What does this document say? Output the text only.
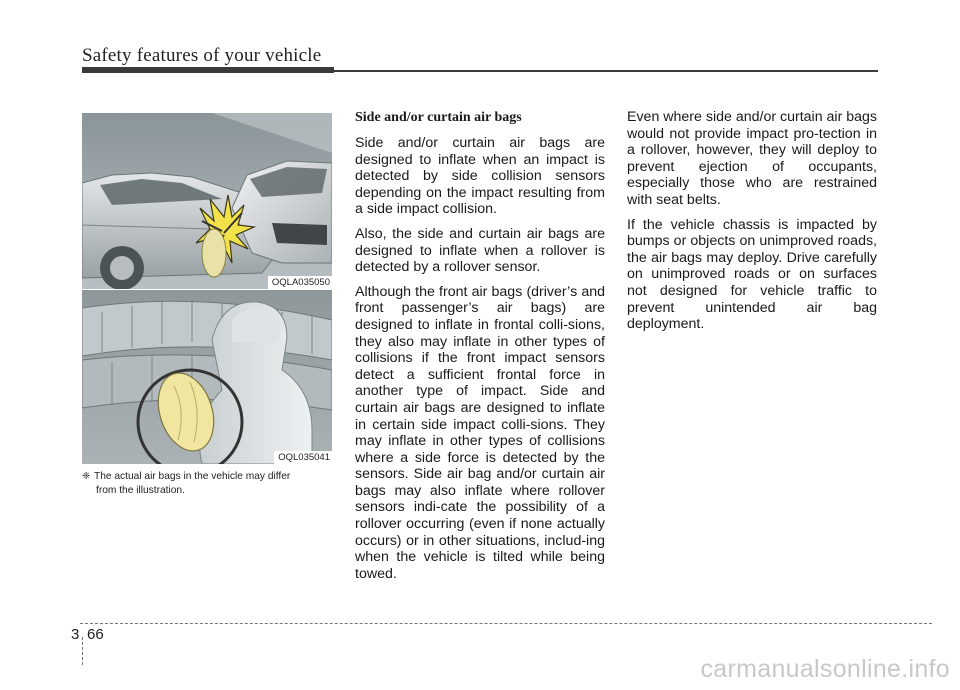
Safety features of your vehicle
OQLA035050
OQL035041
❈ The actual air bags in the vehicle may differ
from the illustration.
Side and/or curtain air bags

Side and/or curtain air bags are designed to inflate when an impact is detected by side collision sensors depending on the impact resulting from a side impact collision.

Also, the side and curtain air bags are designed to inflate when a rollover is detected by a rollover sensor.

Although the front air bags (driver’s and front passenger’s air bags) are designed to inflate in frontal colli-sions, they also may inflate in other types of collisions if the front impact sensors detect a sufficient frontal force in another type of impact. Side and curtain air bags are designed to inflate in certain side impact colli-sions. They may inflate in other types of collisions where a side force is detected by the sensors. Side air bag and/or curtain air bags may also inflate where rollover sensors indi-cate the possibility of a rollover occurring (even if none actually occurs) or in other situations, includ-ing when the vehicle is tilted while being towed.

Even where side and/or curtain air bags would not provide impact pro-tection in a rollover, however, they will deploy to prevent ejection of occupants, especially those who are restrained with seat belts.

If the vehicle chassis is impacted by bumps or objects on unimproved roads, the air bags may deploy. Drive carefully on unimproved roads or on surfaces not designed for vehicle traffic to prevent unintended air bag deployment.

3 66
carmanualsonline.info
